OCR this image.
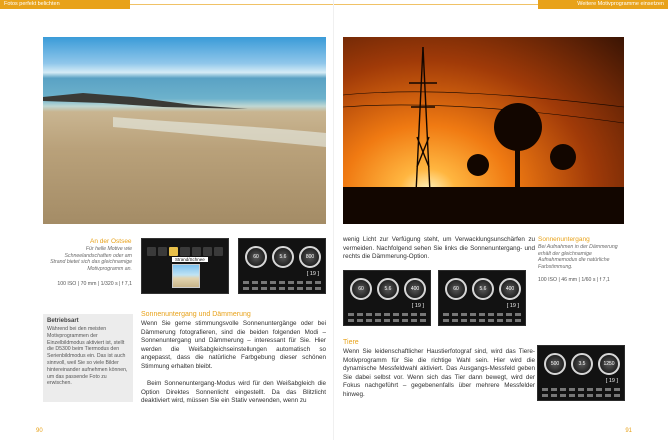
Fotos perfekt belichten
An der Ostsee
Für helle Motive wie Schneelandschaften oder am Strand bietet sich das gleichnamige Motivprogramm an.
100 ISO | 70 mm | 1/320 s | f 7,1
Betriebsart
Während bei den meisten Motivprogrammen der Einzelbildmodus aktiviert ist, stellt die D5300 beim Tiermodus den Serienbildmodus ein. Das ist auch sinnvoll, weil Sie so viele Bilder hintereinander aufnehmen können, um das passende Foto zu erwischen.
Strand/Schnee	60	5.6	800
[ 19 ]
Sonnenuntergang und Dämmerung
Wenn Sie gerne stimmungsvolle Sonnenuntergänge oder bei Dämmerung fotografieren, sind die beiden folgenden Modi – Sonnenuntergang und Dämmerung – interessant für Sie. Hier werden die Weißabgleichseinstellungen automatisch so angepasst, dass die natürliche Farbgebung dieser schönen Stimmung erhalten bleibt.
Beim Sonnenuntergang-Modus wird für den Weißabgleich die Option Direktes Sonnenlicht eingestellt. Da das Blitzlicht deaktiviert wird, müssen Sie ein Stativ verwenden, wenn zu
90
Weitere Motivprogramme einsetzen
wenig Licht zur Verfügung steht, um Verwacklungsunschärfen zu vermeiden. Nachfolgend sehen Sie links die Sonnenuntergang- und rechts die Dämmerung-Option.
Sonnenuntergang
Bei Aufnahmen in der Dämmerung erhält der gleichnamige Aufnahmemodus die natürliche Farbstimmung.
100 ISO | 46 mm | 1/60 s | f 7,1
60	5.6	400
[ 19 ]
60	5.6	400
[ 19 ]
Tiere
Wenn Sie leidenschaftlicher Haustierfotograf sind, wird das Tiere-Motivprogramm für Sie die richtige Wahl sein. Hier wird die dynamische Messfeldwahl aktiviert. Das Ausgangs-Messfeld geben Sie dabei selbst vor. Wenn sich das Tier dann bewegt, wird der Fokus nachgeführt – gegebenenfalls über mehrere Messfelder hinweg.
500	3.5	1250
[ 19 ]
91
